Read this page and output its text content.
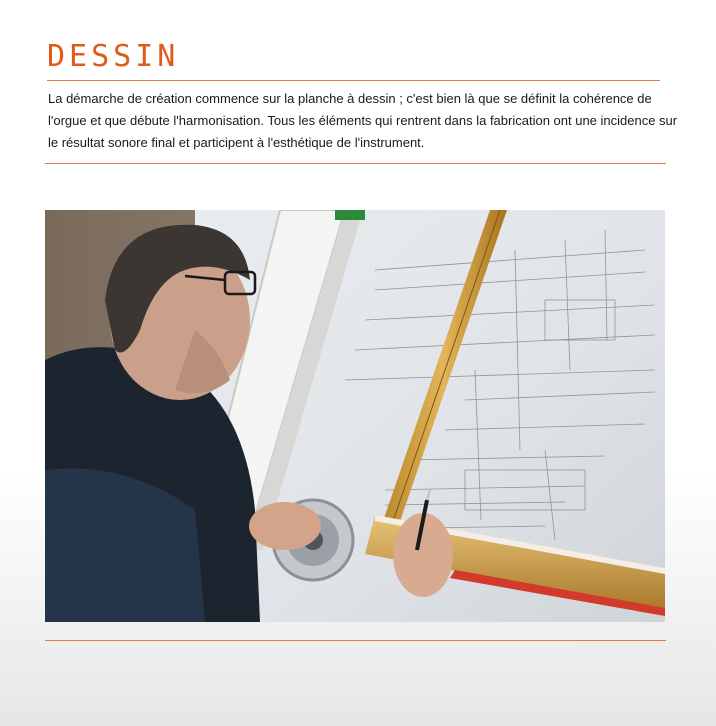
DESSIN

La démarche de création commence sur la planche à dessin ; c'est bien là que se définit la cohérence de l'orgue et que débute l'harmonisation. Tous les éléments qui rentrent dans la fabrication ont une incidence sur le résultat sonore final et participent à l'esthétique de l'instrument.
